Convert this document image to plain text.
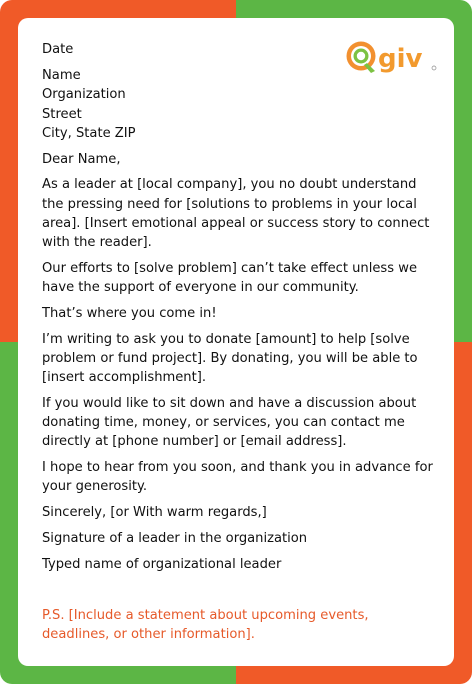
giv

Date

Name

Organization

Street

City, State ZIP

Dear Name,

As a leader at [local company], you no doubt understand the pressing need for [solutions to problems in your local area]. [Insert emotional appeal or success story to connect with the reader].

Our efforts to [solve problem] can’t take effect unless we have the support of everyone in our community.

That’s where you come in!

I’m writing to ask you to donate [amount] to help [solve problem or fund project]. By donating, you will be able to [insert accomplishment].

If you would like to sit down and have a discussion about donating time, money, or services, you can contact me directly at [phone number] or [email address].

I hope to hear from you soon, and thank you in advance for your generosity.

Sincerely, [or With warm regards,]

Signature of a leader in the organization

Typed name of organizational leader

P.S. [Include a statement about upcoming events, deadlines, or other information].
